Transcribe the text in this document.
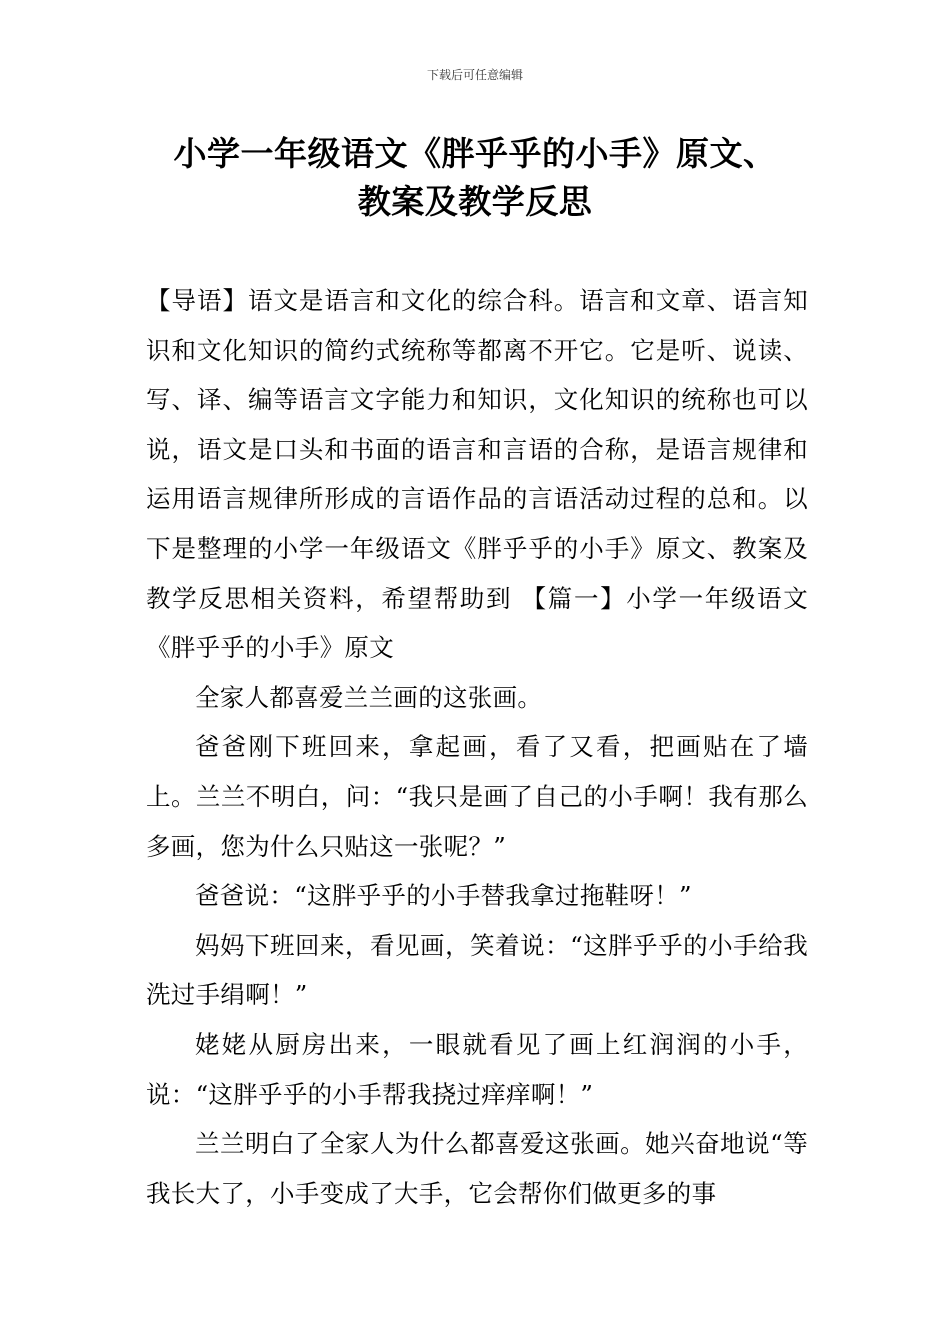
下载后可任意编辑
小学一年级语文《胖乎乎的小手》原文、
教案及教学反思

【导语】语文是语言和文化的综合科。语言和文章、语言知识和文化知识的简约式统称等都离不开它。它是听、说读、写、译、编等语言文字能力和知识，文化知识的统称也可以说，语文是口头和书面的语言和言语的合称，是语言规律和运用语言规律所形成的言语作品的言语活动过程的总和。以下是整理的小学一年级语文《胖乎乎的小手》原文、教案及教学反思相关资料，希望帮助到 【篇一】小学一年级语文《胖乎乎的小手》原文

全家人都喜爱兰兰画的这张画。

爸爸刚下班回来，拿起画，看了又看，把画贴在了墙上。兰兰不明白，问：“我只是画了自己的小手啊！我有那么多画，您为什么只贴这一张呢？”

爸爸说：“这胖乎乎的小手替我拿过拖鞋呀！”

妈妈下班回来，看见画，笑着说：“这胖乎乎的小手给我洗过手绢啊！”

姥姥从厨房出来，一眼就看见了画上红润润的小手，说：“这胖乎乎的小手帮我挠过痒痒啊！”

兰兰明白了全家人为什么都喜爱这张画。她兴奋地说“等我长大了，小手变成了大手，它会帮你们做更多的事
